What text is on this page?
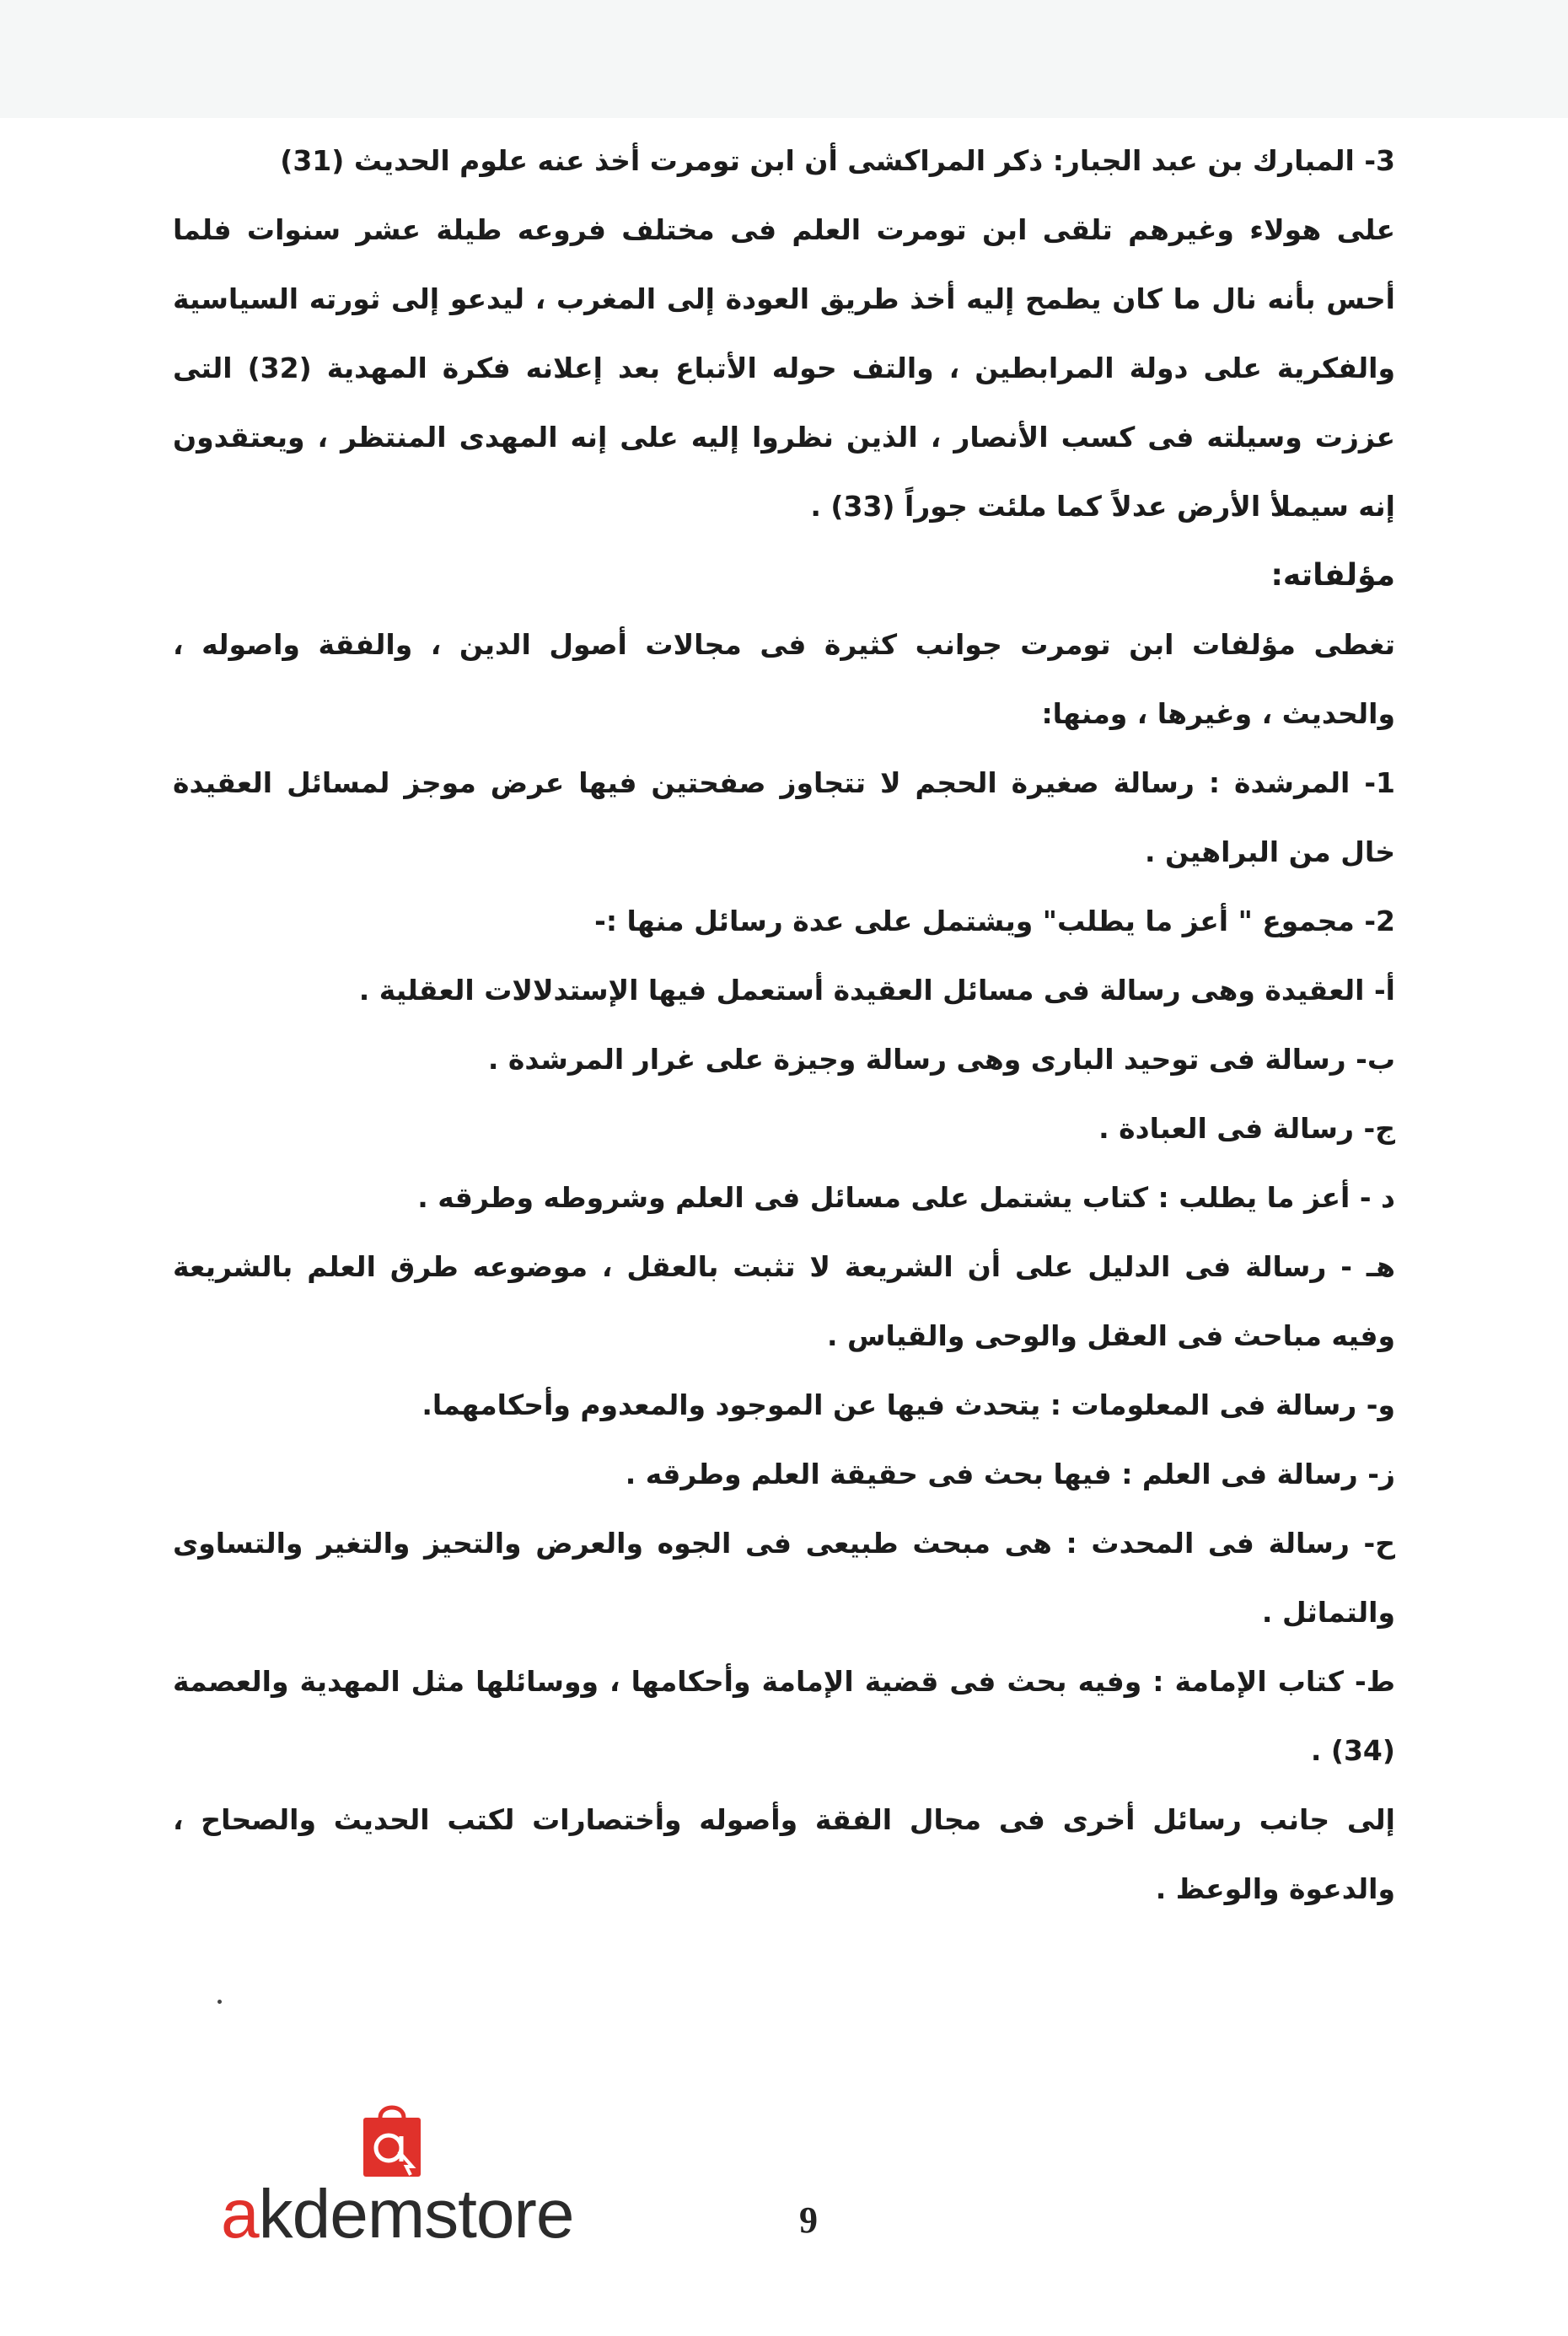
3- المبارك بن عبد الجبار: ذكر المراكشى أن ابن تومرت أخذ عنه علوم الحديث (31)

على هولاء وغيرهم تلقى ابن تومرت العلم فى مختلف فروعه طيلة عشر سنوات فلما أحس بأنه نال ما كان يطمح إليه أخذ طريق العودة إلى المغرب ، ليدعو إلى ثورته السياسية والفكرية على دولة المرابطين ، والتف حوله الأتباع بعد إعلانه فكرة المهدية (32) التى عززت وسيلته فى كسب الأنصار ، الذين نظروا إليه على إنه المهدى المنتظر ، ويعتقدون إنه سيملأ الأرض عدلاً كما ملئت جوراً (33) .

مؤلفاته:

تغطى مؤلفات ابن تومرت جوانب كثيرة فى مجالات أصول الدين ، والفقة واصوله ، والحديث ، وغيرها ، ومنها:

1- المرشدة : رسالة صغيرة الحجم لا تتجاوز صفحتين فيها عرض موجز لمسائل العقيدة خال من البراهين .

2- مجموع " أعز ما يطلب" ويشتمل على عدة رسائل منها :-

أ- العقيدة وهى رسالة فى مسائل العقيدة أستعمل فيها الإستدلالات العقلية .

ب- رسالة فى توحيد البارى وهى رسالة وجيزة على غرار المرشدة .

ج- رسالة فى العبادة .

د - أعز ما يطلب : كتاب يشتمل على مسائل فى العلم وشروطه وطرقه .

هـ - رسالة فى الدليل على أن الشريعة لا تثبت بالعقل ، موضوعه طرق العلم بالشريعة وفيه مباحث فى العقل والوحى والقياس .

و- رسالة فى المعلومات : يتحدث فيها عن الموجود والمعدوم وأحكامهما.

ز- رسالة فى العلم : فيها بحث فى حقيقة العلم وطرقه .

ح- رسالة فى المحدث : هى مبحث طبيعى فى الجوه والعرض والتحيز والتغير والتساوى والتماثل .

ط- كتاب الإمامة : وفيه بحث فى قضية الإمامة وأحكامها ، ووسائلها مثل المهدية والعصمة (34) .

إلى جانب رسائل أخرى فى مجال الفقة وأصوله وأختصارات لكتب الحديث والصحاح ، والدعوة والوعظ .

akdemstore	9
